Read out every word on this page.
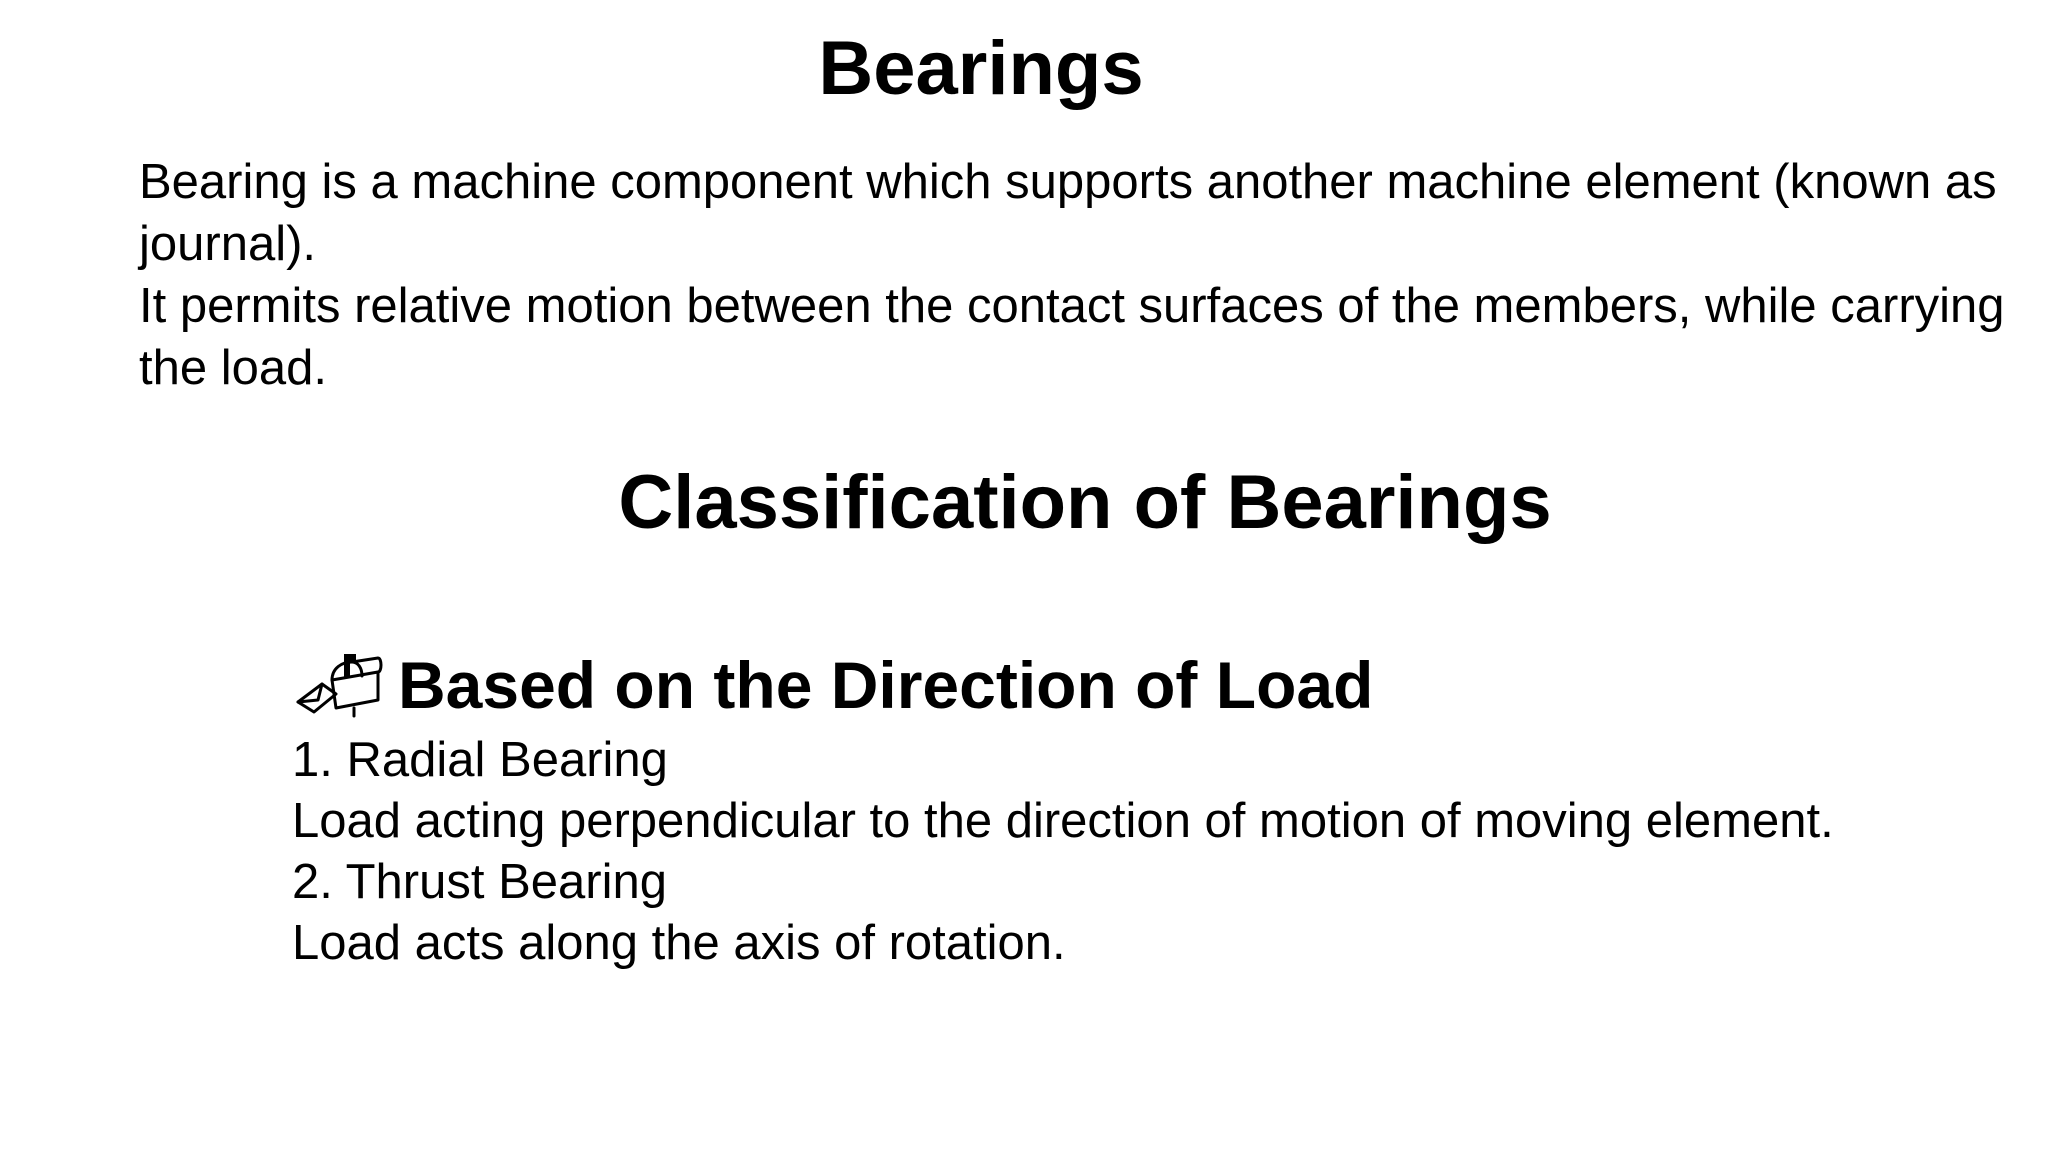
Bearings

Bearing is a machine component which supports another machine element (known as
journal).
It permits relative motion between the contact surfaces of the members, while carrying
the load.

Classification of Bearings
Based on the Direction of Load
1. Radial Bearing
Load acting perpendicular to the direction of motion of moving element.
2. Thrust Bearing
Load acts along the axis of rotation.
